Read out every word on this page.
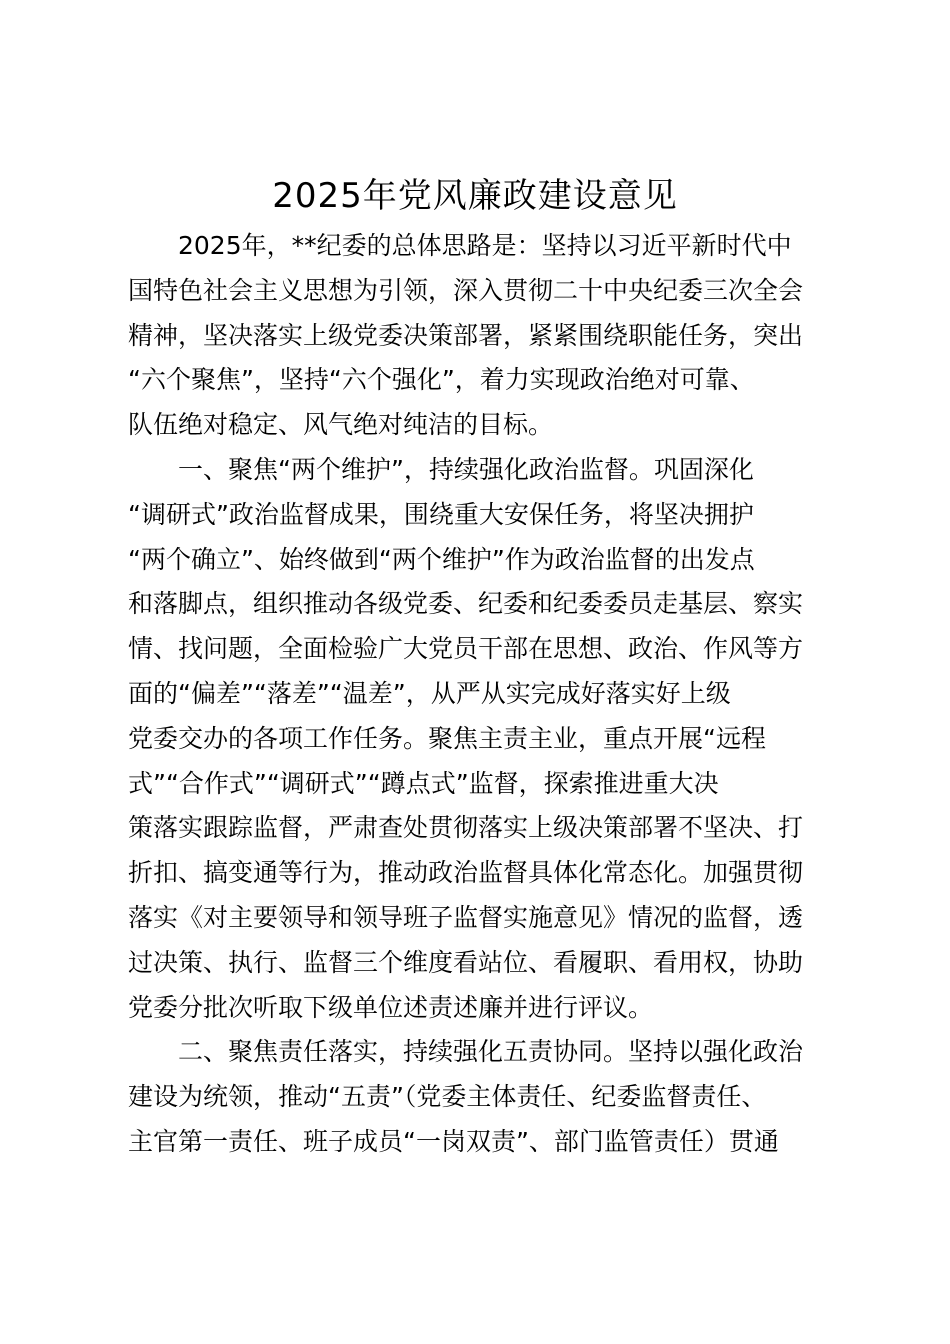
2025年党风廉政建设意见

2025年，**纪委的总体思路是：坚持以习近平新时代中
国特色社会主义思想为引领，深入贯彻二十中央纪委三次全会
精神，坚决落实上级党委决策部署，紧紧围绕职能任务，突出
“六个聚焦”，坚持“六个强化”，着力实现政治绝对可靠、
队伍绝对稳定、风气绝对纯洁的目标。

一、聚焦“两个维护”，持续强化政治监督。巩固深化
“调研式”政治监督成果，围绕重大安保任务，将坚决拥护
“两个确立”、始终做到“两个维护”作为政治监督的出发点
和落脚点，组织推动各级党委、纪委和纪委委员走基层、察实
情、找问题，全面检验广大党员干部在思想、政治、作风等方
面的“偏差”“落差”“温差”，从严从实完成好落实好上级
党委交办的各项工作任务。聚焦主责主业，重点开展“远程
式”“合作式”“调研式”“蹲点式”监督，探索推进重大决
策落实跟踪监督，严肃查处贯彻落实上级决策部署不坚决、打
折扣、搞变通等行为，推动政治监督具体化常态化。加强贯彻
落实《对主要领导和领导班子监督实施意见》情况的监督，透
过决策、执行、监督三个维度看站位、看履职、看用权，协助
党委分批次听取下级单位述责述廉并进行评议。

二、聚焦责任落实，持续强化五责协同。坚持以强化政治
建设为统领，推动“五责”（党委主体责任、纪委监督责任、
主官第一责任、班子成员“一岗双责”、部门监管责任）贯通
